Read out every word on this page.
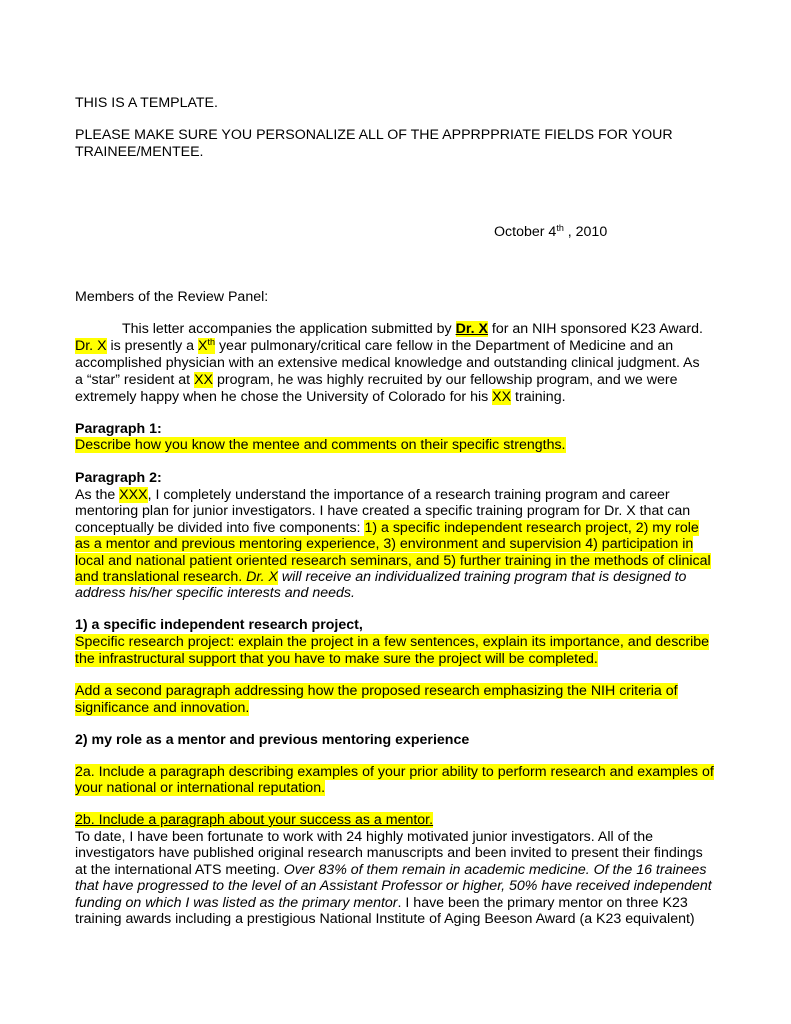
THIS IS A TEMPLATE.
PLEASE MAKE SURE YOU PERSONALIZE ALL OF THE APPRPPRIATE FIELDS FOR YOUR
TRAINEE/MENTEE.
October 4th , 2010
Members of the Review Panel:
This letter accompanies the application submitted by Dr. X for an NIH sponsored K23 Award.
Dr. X is presently a Xth year pulmonary/critical care fellow in the Department of Medicine and an
accomplished physician with an extensive medical knowledge and outstanding clinical judgment. As
a “star” resident at XX program, he was highly recruited by our fellowship program, and we were
extremely happy when he chose the University of Colorado for his XX training.
Paragraph 1:
Describe how you know the mentee and comments on their specific strengths.
Paragraph 2:
As the XXX, I completely understand the importance of a research training program and career
mentoring plan for junior investigators. I have created a specific training program for Dr. X that can
conceptually be divided into five components: 1) a specific independent research project, 2) my role
as a mentor and previous mentoring experience, 3) environment and supervision 4) participation in
local and national patient oriented research seminars, and 5) further training in the methods of clinical
and translational research. Dr. X will receive an individualized training program that is designed to
address his/her specific interests and needs.
1) a specific independent research project,
Specific research project: explain the project in a few sentences, explain its importance, and describe
the infrastructural support that you have to make sure the project will be completed.
Add a second paragraph addressing how the proposed research emphasizing the NIH criteria of
significance and innovation.
2) my role as a mentor and previous mentoring experience
2a. Include a paragraph describing examples of your prior ability to perform research and examples of
your national or international reputation.
2b. Include a paragraph about your success as a mentor.
To date, I have been fortunate to work with 24 highly motivated junior investigators. All of the
investigators have published original research manuscripts and been invited to present their findings
at the international ATS meeting. Over 83% of them remain in academic medicine. Of the 16 trainees
that have progressed to the level of an Assistant Professor or higher, 50% have received independent
funding on which I was listed as the primary mentor. I have been the primary mentor on three K23
training awards including a prestigious National Institute of Aging Beeson Award (a K23 equivalent)
